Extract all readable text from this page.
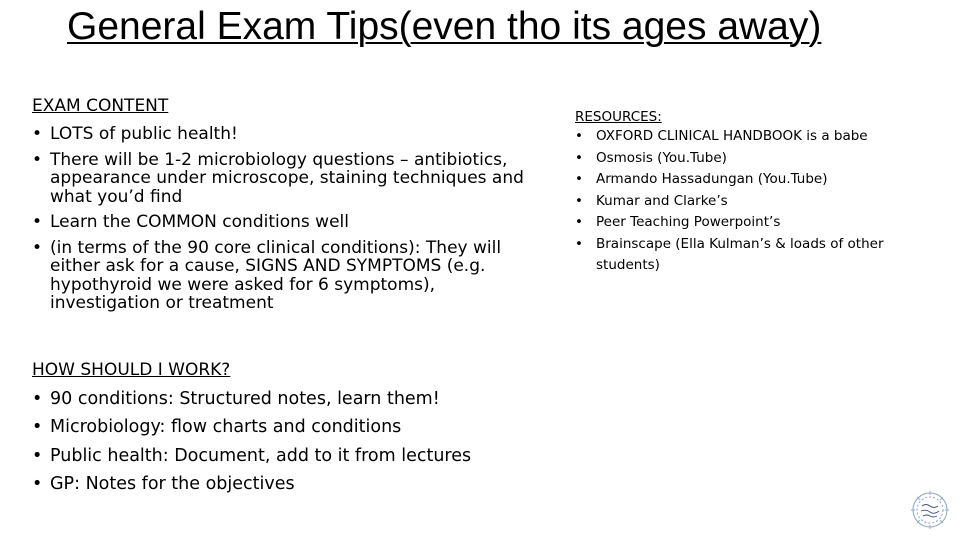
General Exam Tips(even tho its ages away)
EXAM CONTENT
• LOTS of public health!
• There will be 1-2 microbiology questions – antibiotics, appearance under microscope, staining techniques and what you’d find
• Learn the COMMON conditions well
• (in terms of the 90 core clinical conditions): They will either ask for a cause, SIGNS AND SYMPTOMS (e.g. hypothyroid we were asked for 6 symptoms), investigation or treatment
HOW SHOULD I WORK?
• 90 conditions: Structured notes, learn them!
• Microbiology: flow charts and conditions
• Public health: Document, add to it from lectures
• GP: Notes for the objectives
RESOURCES:
• OXFORD CLINICAL HANDBOOK is a babe
• Osmosis (You.Tube)
• Armando Hassadungan (You.Tube)
• Kumar and Clarke’s
• Peer Teaching Powerpoint’s
• Brainscape (Ella Kulman’s & loads of other students)
